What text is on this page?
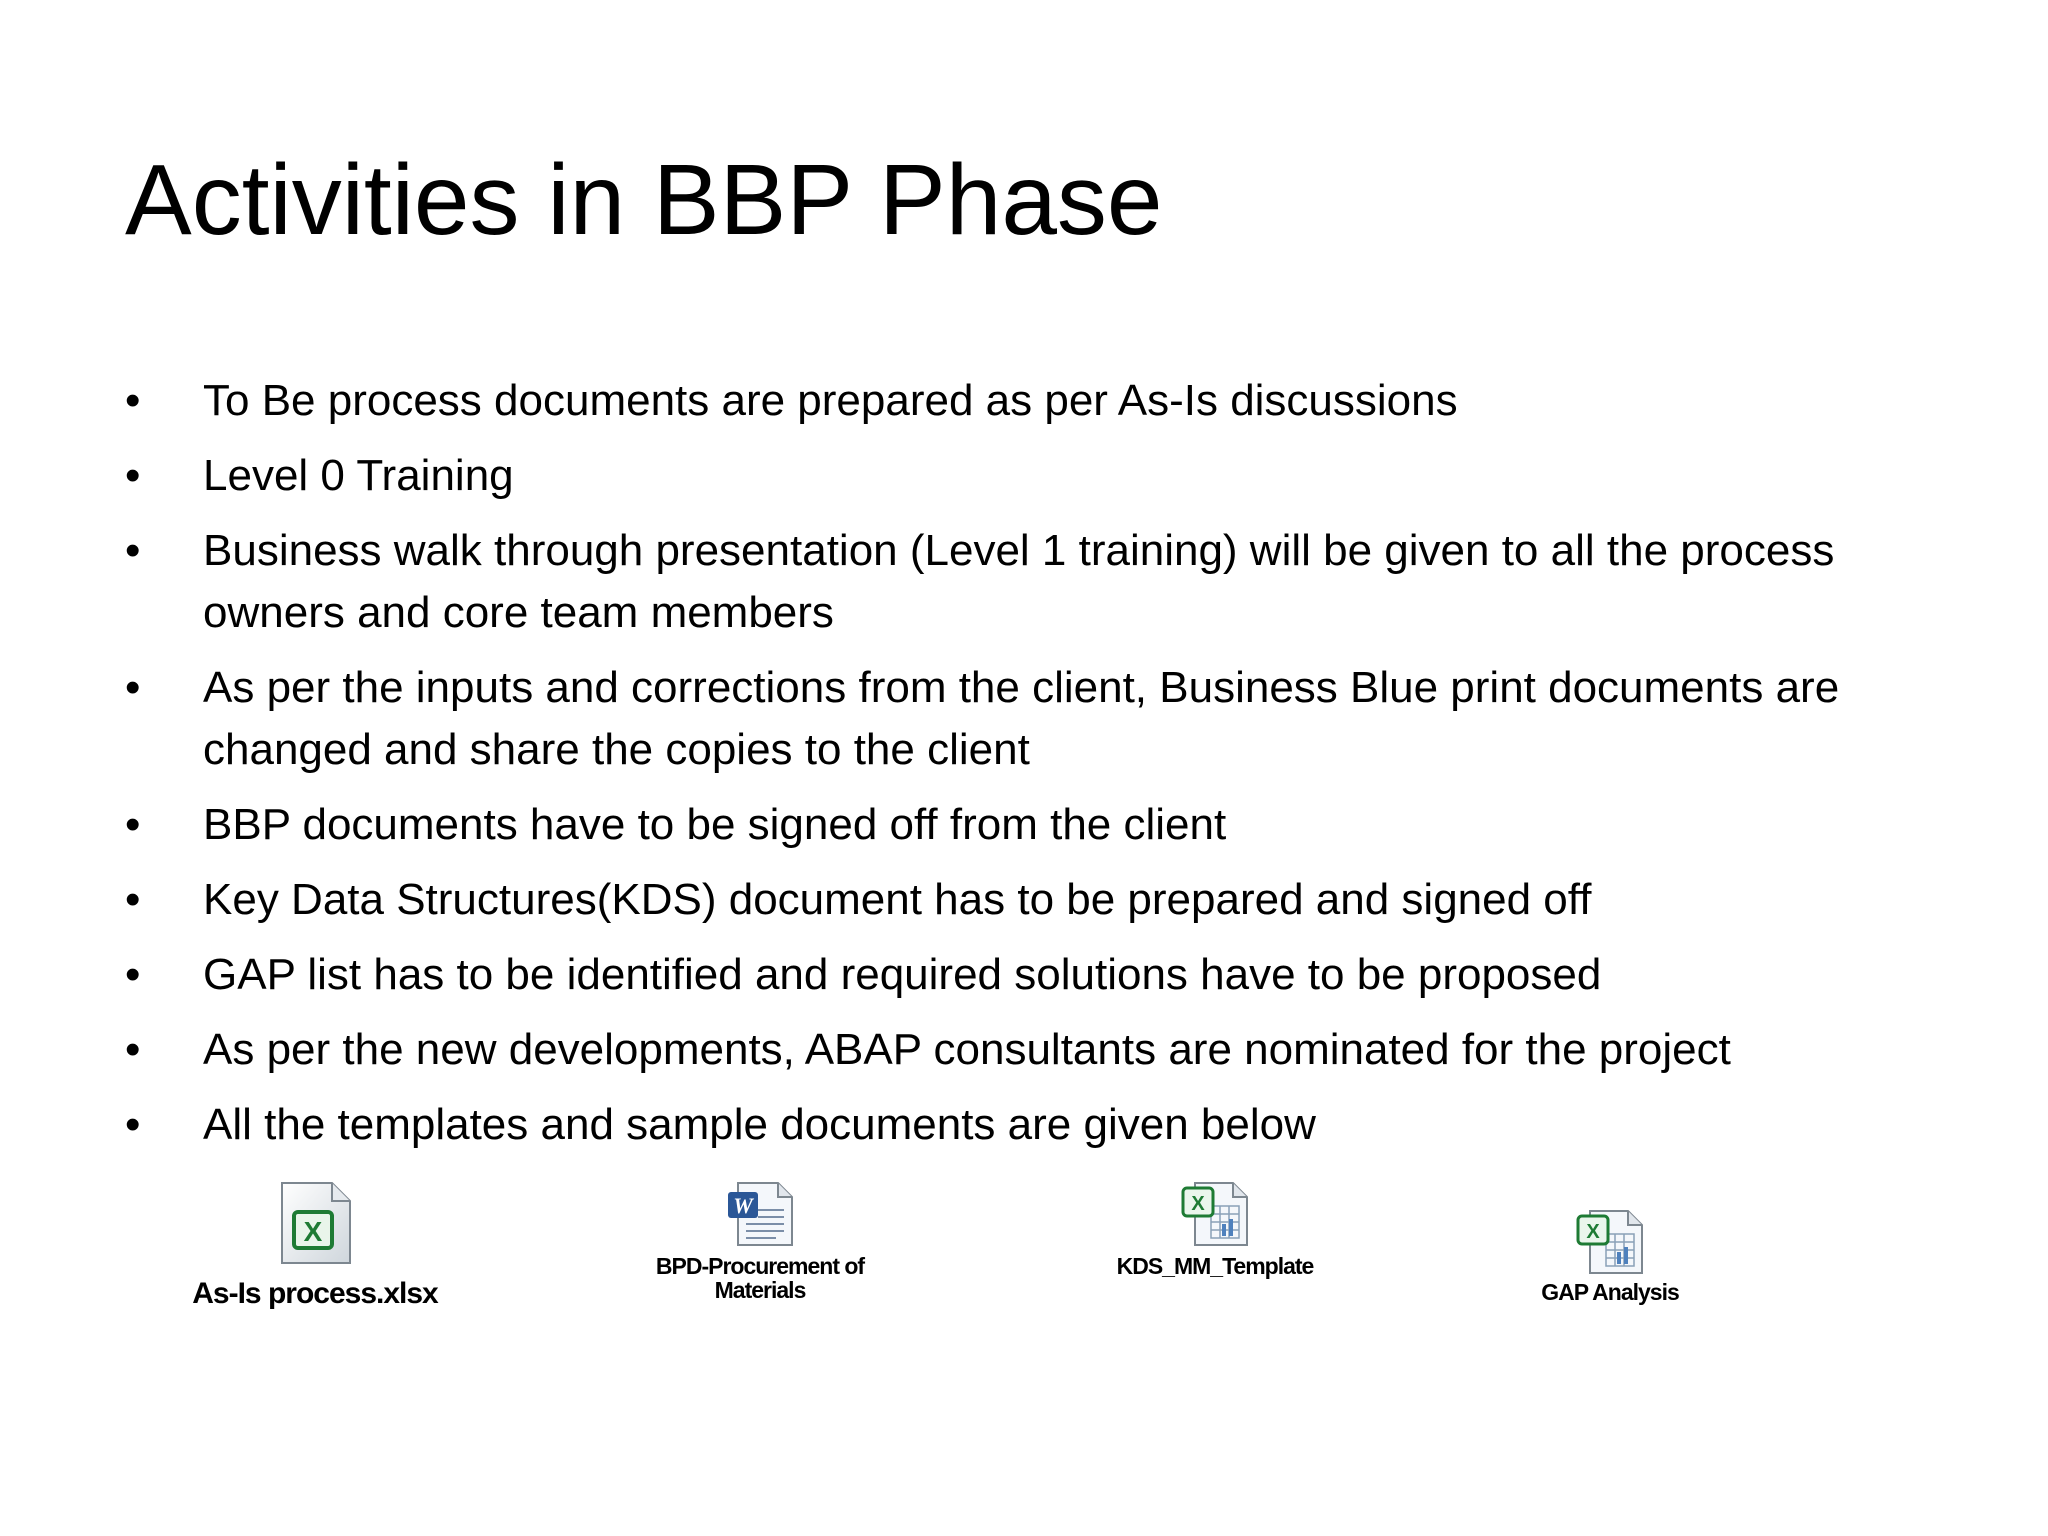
Activities in BBP Phase
•	To Be process documents are prepared as per As-Is discussions
•	Level 0 Training
•	Business walk through presentation (Level 1 training) will be given to all the process owners and core team members
•	As per the inputs and corrections from the client, Business Blue print documents are changed and share the copies to the client
•	BBP documents have to be signed off from the client
•	Key Data Structures(KDS) document has to be prepared and signed off
•	GAP list has to be identified and required solutions have to be proposed
•	As per the new developments, ABAP consultants are nominated for the project
•	All the templates and sample documents are given below
X
As-Is process.xlsx
W
BPD-Procurement of Materials
X
KDS_MM_Template
X
GAP Analysis
